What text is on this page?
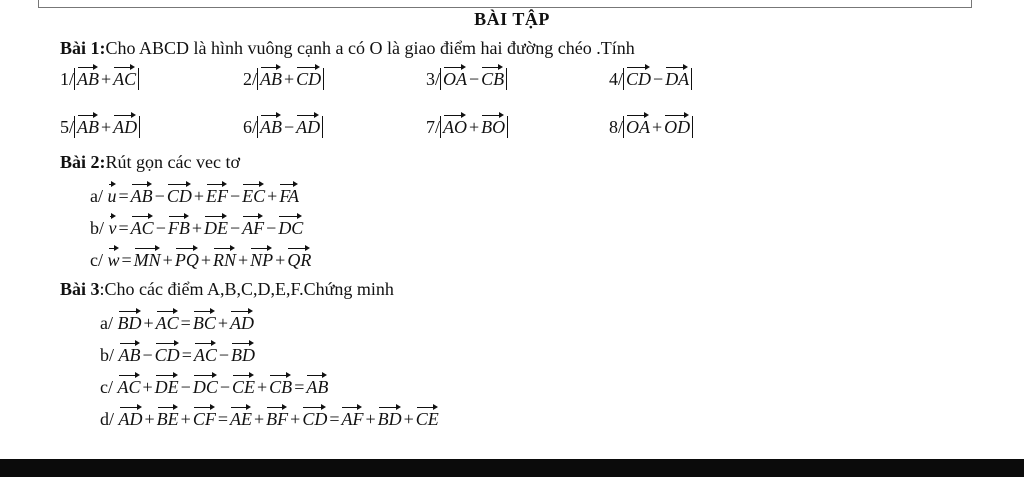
BÀI TẬP
Bài 1:Cho ABCD là hình vuông cạnh a có O là giao điểm hai đường chéo .Tính
1/ AB + AC	2/ AB + CD	3/ OA − CB	4/ CD − DA
5/ AB + AD	6/ AB − AD	7/ AO + BO	8/ OA + OD
Bài 2:Rút gọn các vec tơ
a/ u = AB − CD + EF − EC + FA
b/ v = AC − FB + DE − AF − DC
c/ w = MN + PQ + RN + NP + QR
Bài 3:Cho các điểm A,B,C,D,E,F.Chứng minh
a/ BD + AC = BC + AD
b/ AB − CD = AC − BD
c/ AC + DE − DC − CE + CB = AB
d/ AD + BE + CF = AE + BF + CD = AF + BD + CE
